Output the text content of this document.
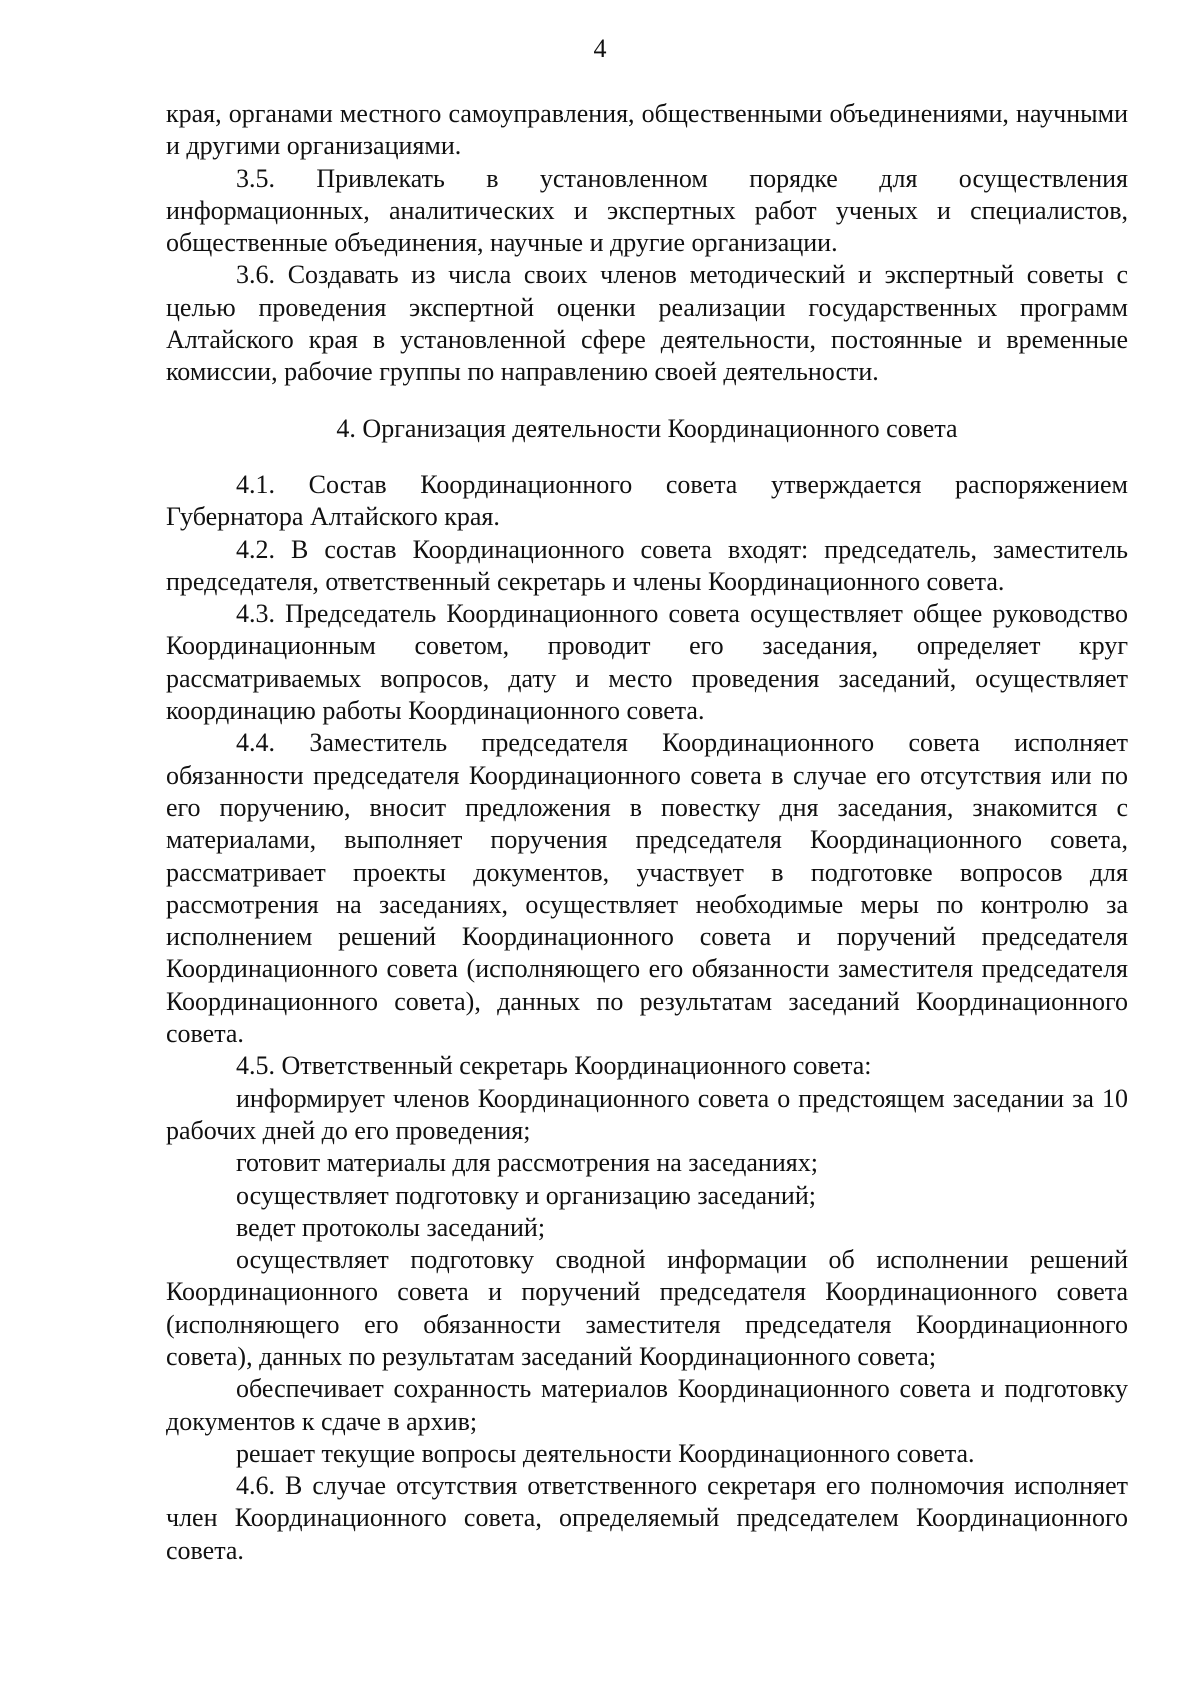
4

края, органами местного самоуправления, общественными объединениями, научными и другими организациями.

3.5. Привлекать в установленном порядке для осуществления информационных, аналитических и экспертных работ ученых и специалистов, общественные объединения, научные и другие организации.

3.6. Создавать из числа своих членов методический и экспертный советы с целью проведения экспертной оценки реализации государственных программ Алтайского края в установленной сфере деятельности, постоянные и временные комиссии, рабочие группы по направлению своей деятельности.

4. Организация деятельности Координационного совета

4.1. Состав Координационного совета утверждается распоряжением Губернатора Алтайского края.

4.2. В состав Координационного совета входят: председатель, заместитель председателя, ответственный секретарь и члены Координационного совета.

4.3. Председатель Координационного совета осуществляет общее руководство Координационным советом, проводит его заседания, определяет круг рассматриваемых вопросов, дату и место проведения заседаний, осуществляет координацию работы Координационного совета.

4.4. Заместитель председателя Координационного совета исполняет обязанности председателя Координационного совета в случае его отсутствия или по его поручению, вносит предложения в повестку дня заседания, знакомится с материалами, выполняет поручения председателя Координационного совета, рассматривает проекты документов, участвует в подготовке вопросов для рассмотрения на заседаниях, осуществляет необходимые меры по контролю за исполнением решений Координационного совета и поручений председателя Координационного совета (исполняющего его обязанности заместителя председателя Координационного совета), данных по результатам заседаний Координационного совета.

4.5. Ответственный секретарь Координационного совета:

информирует членов Координационного совета о предстоящем заседании за 10 рабочих дней до его проведения;

готовит материалы для рассмотрения на заседаниях;

осуществляет подготовку и организацию заседаний;

ведет протоколы заседаний;

осуществляет подготовку сводной информации об исполнении решений Координационного совета и поручений председателя Координационного совета (исполняющего его обязанности заместителя председателя Координационного совета), данных по результатам заседаний Координационного совета;

обеспечивает сохранность материалов Координационного совета и подготовку документов к сдаче в архив;

решает текущие вопросы деятельности Координационного совета.

4.6. В случае отсутствия ответственного секретаря его полномочия исполняет член Координационного совета, определяемый председателем Координационного совета.
